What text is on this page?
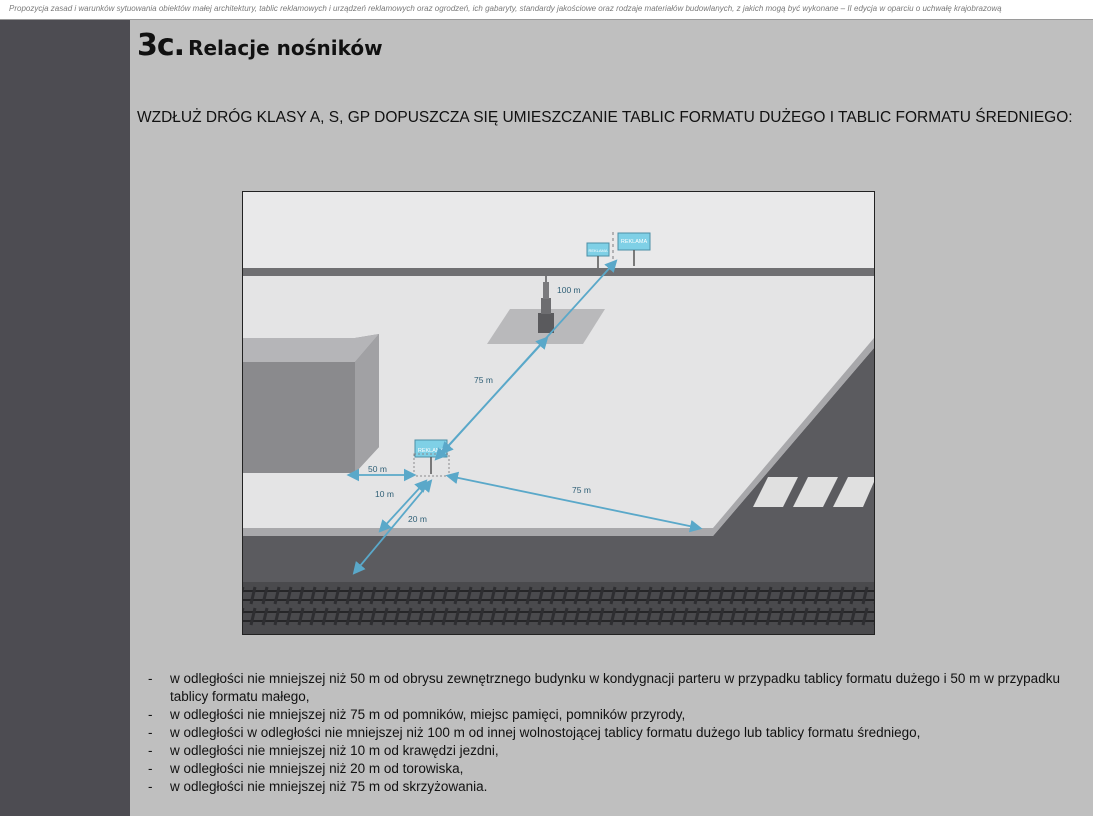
Propozycja zasad i warunków sytuowania obiektów małej architektury, tablic reklamowych i urządzeń reklamowych oraz ogrodzeń, ich gabaryty, standardy jakościowe oraz rodzaje materiałów budowlanych, z jakich mogą być wykonane – II edycja w oparciu o uchwałę krajobrazową
3c. Relacje nośników
WZDŁUŻ DRÓG KLASY A, S, GP DOPUSZCZA SIĘ UMIESZCZANIE TABLIC FORMATU DUŻEGO I TABLIC FORMATU ŚREDNIEGO:
REKLAMA
REKLAMA
REKLAMA
100 m
75 m
50 m
10 m
20 m
75 m
- w odległości nie mniejszej niż 50 m od obrysu zewnętrznego budynku w kondygnacji parteru w przypadku tablicy formatu dużego i 50 m w przypadku tablicy formatu małego,
- w odległości nie mniejszej niż 75 m od pomników, miejsc pamięci, pomników przyrody,
- w odległości w odległości nie mniejszej niż 100 m od innej wolnostojącej tablicy formatu dużego lub tablicy formatu średniego,
- w odległości nie mniejszej niż 10 m od krawędzi jezdni,
- w odległości nie mniejszej niż 20 m od torowiska,
- w odległości nie mniejszej niż 75 m od skrzyżowania.
